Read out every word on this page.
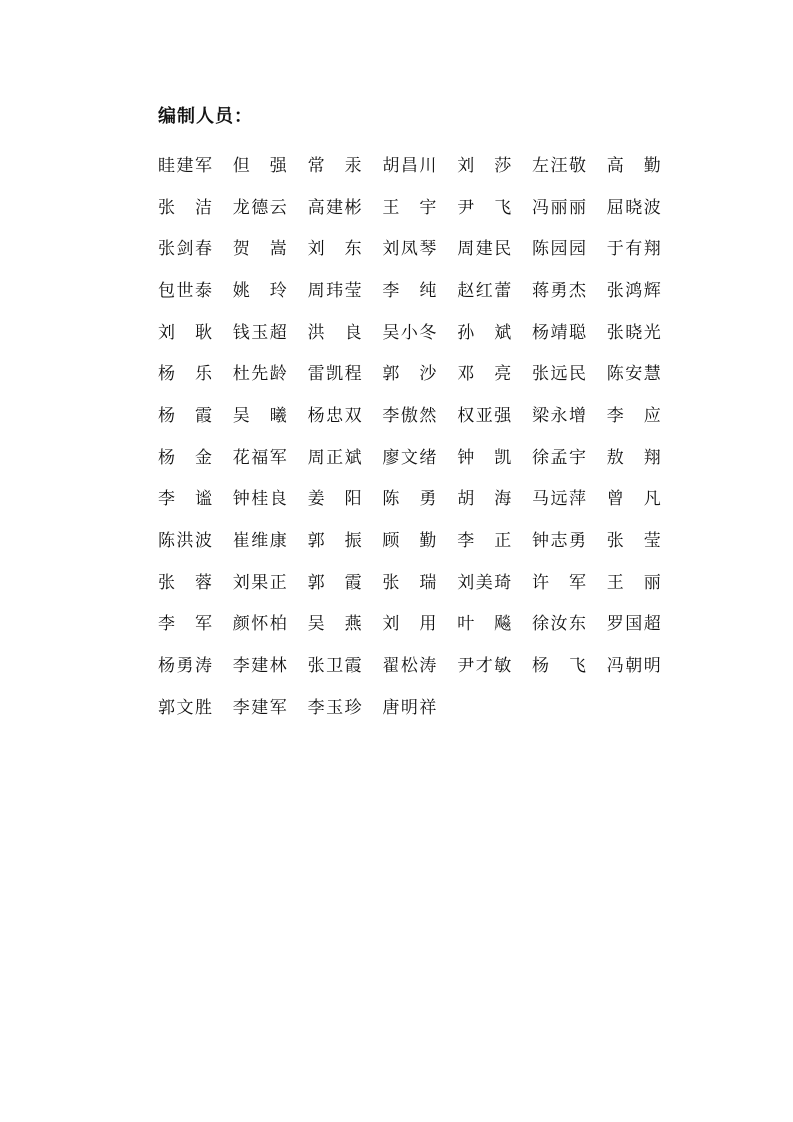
编制人员：
眭 建 军 但 强 常 汞 胡 昌 川 刘 莎 左 汪 敬 高 勤
张 洁 龙 德 云 高 建 彬 王 宇 尹 飞 冯 丽 丽 屈 晓 波
张 剑 春 贺 嵩 刘 东 刘 凤 琴 周 建 民 陈 园 园 于 有 翔
包 世 泰 姚 玲 周 玮 莹 李 纯 赵 红 蕾 蒋 勇 杰 张 鸿 辉
刘 耿 钱 玉 超 洪 良 吴 小 冬 孙 斌 杨 靖 聪 张 晓 光
杨 乐 杜 先 龄 雷 凯 程 郭 沙 邓 亮 张 远 民 陈 安 慧
杨 霞 吴 曦 杨 忠 双 李 傲 然 权 亚 强 梁 永 增 李 应
杨 金 花 福 军 周 正 斌 廖 文 绪 钟 凯 徐 孟 宇 敖 翔
李 谧 钟 桂 良 姜 阳 陈 勇 胡 海 马 远 萍 曾 凡
陈 洪 波 崔 维 康 郭 振 顾 勤 李 正 钟 志 勇 张 莹
张 蓉 刘 果 正 郭 霞 张 瑞 刘 美 琦 许 军 王 丽
李 军 颜 怀 柏 吴 燕 刘 用 叶 飚 徐 汝 东 罗 国 超
杨 勇 涛 李 建 林 张 卫 霞 翟 松 涛 尹 才 敏 杨 飞 冯 朝 明
郭 文 胜 李 建 军 李 玉 珍 唐 明 祥
